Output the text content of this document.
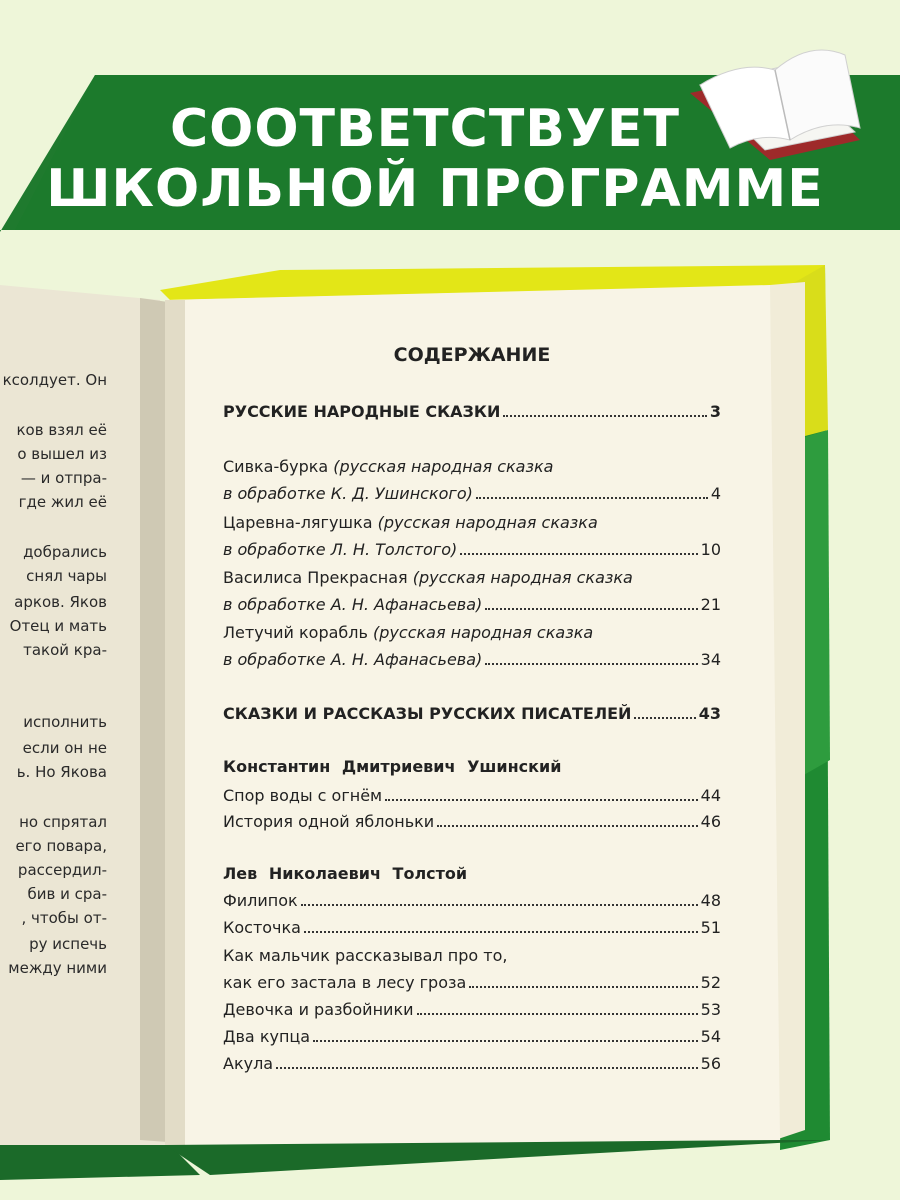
СООТВЕТСТВУЕТ
ШКОЛЬНОЙ ПРОГРАММЕ
ксолдует. Он
ков взял её
о вышел из
— и отпра-
где жил её
добрались
снял чары
арков. Яков
Отец и мать
такой кра-
исполнить
если он не
ь. Но Якова
но спрятал
его повара,
рассердил-
бив и сра-
, чтобы от-
ру испечь
между ними
СОДЕРЖАНИЕ
РУССКИЕ НАРОДНЫЕ СКАЗКИ	3
Сивка-бурка (русская народная сказка
в обработке К. Д. Ушинского)	4
Царевна-лягушка (русская народная сказка
в обработке Л. Н. Толстого)	10
Василиса Прекрасная (русская народная сказка
в обработке А. Н. Афанасьева)	21
Летучий корабль (русская народная сказка
в обработке А. Н. Афанасьева)	34
СКАЗКИ И РАССКАЗЫ РУССКИХ ПИСАТЕЛЕЙ	43
Константин Дмитриевич Ушинский
Спор воды с огнём	44
История одной яблоньки	46
Лев Николаевич Толстой
Филипок	48
Косточка	51
Как мальчик рассказывал про то,
как его застала в лесу гроза	52
Девочка и разбойники	53
Два купца	54
Акула	56
